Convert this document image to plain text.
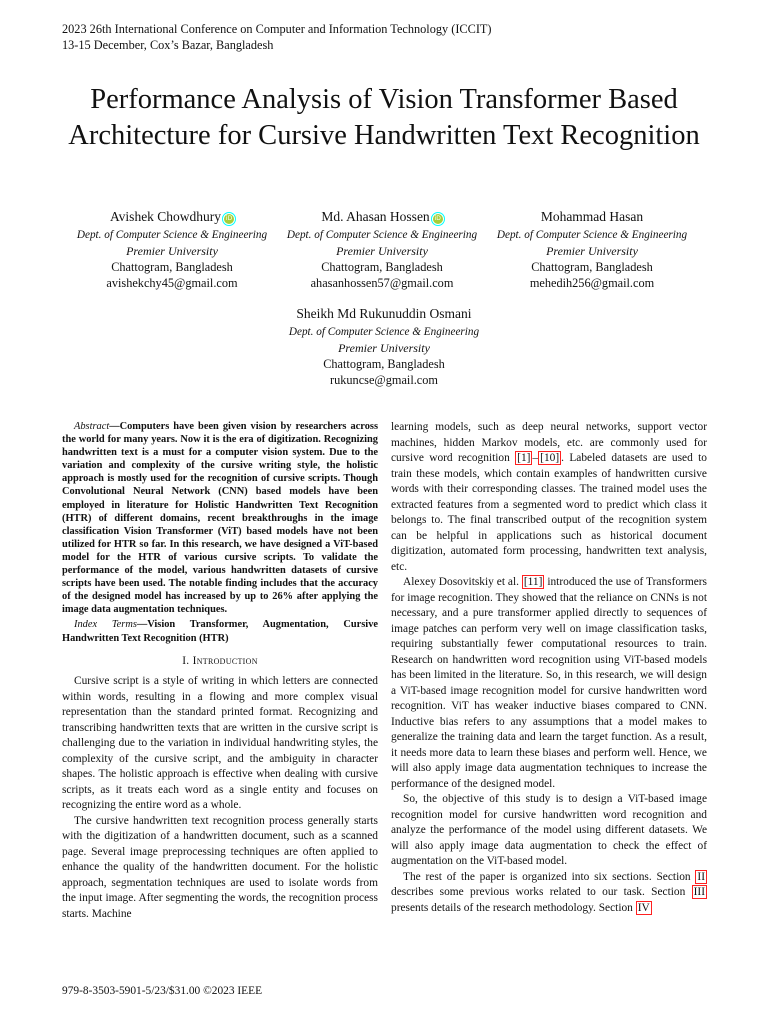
2023 26th International Conference on Computer and Information Technology (ICCIT)
13-15 December, Cox’s Bazar, Bangladesh
Performance Analysis of Vision Transformer Based Architecture for Cursive Handwritten Text Recognition
Avishek Chowdhury iD
Dept. of Computer Science & Engineering
Premier University
Chattogram, Bangladesh
avishekchy45@gmail.com
Md. Ahasan Hossen iD
Dept. of Computer Science & Engineering
Premier University
Chattogram, Bangladesh
ahasanhossen57@gmail.com
Mohammad Hasan
Dept. of Computer Science & Engineering
Premier University
Chattogram, Bangladesh
mehedih256@gmail.com
Sheikh Md Rukunuddin Osmani
Dept. of Computer Science & Engineering
Premier University
Chattogram, Bangladesh
rukuncse@gmail.com

Abstract—Computers have been given vision by researchers across the world for many years. Now it is the era of digitization. Recognizing handwritten text is a must for a computer vision system. Due to the variation and complexity of the cursive writing style, the holistic approach is mostly used for the recognition of cursive scripts. Though Convolutional Neural Network (CNN) based models have been employed in literature for Holistic Handwritten Text Recognition (HTR) of different domains, recent breakthroughs in the image classification Vision Transformer (ViT) based models have not been utilized for HTR so far. In this research, we have designed a ViT-based model for the HTR of various cursive scripts. To validate the performance of the model, various handwritten datasets of cursive scripts have been used. The notable finding includes that the accuracy of the designed model has increased by up to 26% after applying the image data augmentation techniques.

Index Terms—Vision Transformer, Augmentation, Cursive Handwritten Text Recognition (HTR)

I. Introduction

Cursive script is a style of writing in which letters are connected within words, resulting in a flowing and more complex visual representation than the standard printed format. Recognizing and transcribing handwritten texts that are written in the cursive script is challenging due to the variation in individual handwriting styles, the complexity of the cursive script, and the ambiguity in character shapes. The holistic approach is effective when dealing with cursive scripts, as it treats each word as a single entity and focuses on recognizing the entire word as a whole.

The cursive handwritten text recognition process generally starts with the digitization of a handwritten document, such as a scanned page. Several image preprocessing techniques are often applied to enhance the quality of the handwritten document. For the holistic approach, segmentation techniques are used to isolate words from the input image. After segmenting the words, the recognition process starts. Machine

learning models, such as deep neural networks, support vector machines, hidden Markov models, etc. are commonly used for cursive word recognition [1] – [10] . Labeled datasets are used to train these models, which contain examples of handwritten cursive words with their corresponding classes. The trained model uses the extracted features from a segmented word to predict which class it belongs to. The final transcribed output of the recognition system can be helpful in applications such as historical document digitization, automated form processing, handwritten text analysis, etc.

Alexey Dosovitskiy et al. [11] introduced the use of Transformers for image recognition. They showed that the reliance on CNNs is not necessary, and a pure transformer applied directly to sequences of image patches can perform very well on image classification tasks, requiring substantially fewer computational resources to train. Research on handwritten word recognition using ViT-based models has been limited in the literature. So, in this research, we will design a ViT-based image recognition model for cursive handwritten word recognition. ViT has weaker inductive biases compared to CNN. Inductive bias refers to any assumptions that a model makes to generalize the training data and learn the target function. As a result, it needs more data to learn these biases and perform well. Hence, we will also apply image data augmentation techniques to increase the performance of the designed model.

So, the objective of this study is to design a ViT-based image recognition model for cursive handwritten word recognition and analyze the performance of the model using different datasets. We will also apply image data augmentation to check the effect of augmentation on the ViT-based model.

The rest of the paper is organized into six sections. Section II describes some previous works related to our task. Section III presents details of the research methodology. Section IV

979-8-3503-5901-5/23/$31.00 ©2023 IEEE
